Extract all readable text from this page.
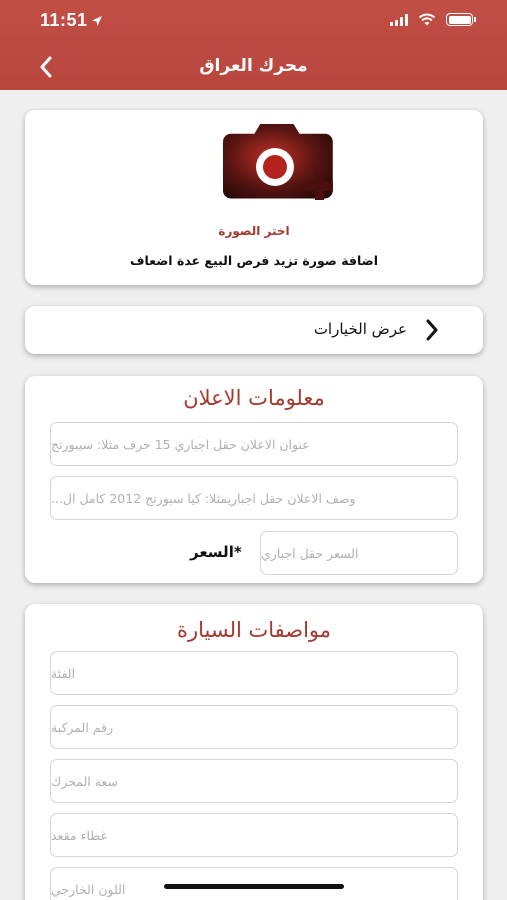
11:51
محرك العراق
اختر الصورة
اضافة صورة تزيد فرص البيع عدة اضعاف
عرض الخيارات
معلومات الاعلان
عنوان الاعلان حقل اجباري 15 حرف مثلا: سيبورتج
وصف الاعلان حقل اجباريمثلا: كيا سبورتج 2012 كامل ال...
السعر* السعر حقل اجباري
مواصفات السيارة
الفئة
رقم المركبة
سعة المحرك
غطاء مقعد
اللون الخارجي
